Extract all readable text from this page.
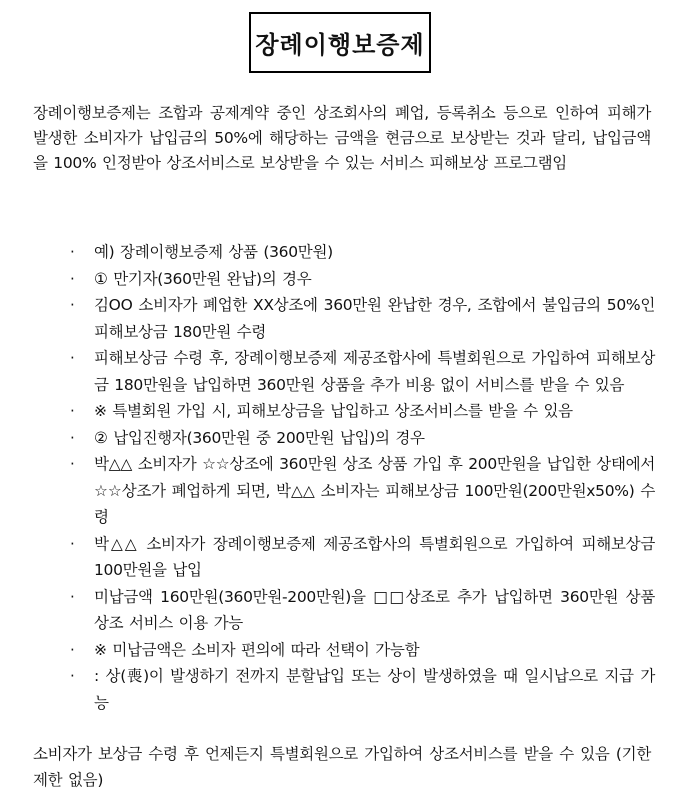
장례이행보증제
장례이행보증제는 조합과 공제계약 중인 상조회사의 폐업, 등록취소 등으로 인하여 피해가 발생한 소비자가 납입금의 50%에 해당하는 금액을 현금으로 보상받는 것과 달리, 납입금액을 100% 인정받아 상조서비스로 보상받을 수 있는 서비스 피해보상 프로그램임
·	예) 장례이행보증제 상품 (360만원)
·	① 만기자(360만원 완납)의 경우
·	김OO 소비자가 폐업한 XX상조에 360만원 완납한 경우, 조합에서 불입금의 50%인 피해보상금 180만원 수령
·	피해보상금 수령 후, 장례이행보증제 제공조합사에 특별회원으로 가입하여 피해보상금 180만원을 납입하면 360만원 상품을 추가 비용 없이 서비스를 받을 수 있음
·	※ 특별회원 가입 시, 피해보상금을 납입하고 상조서비스를 받을 수 있음
·	② 납입진행자(360만원 중 200만원 납입)의 경우
·	박△△ 소비자가 ☆☆상조에 360만원 상조 상품 가입 후 200만원을 납입한 상태에서 ☆☆상조가 폐업하게 되면, 박△△ 소비자는 피해보상금 100만원(200만원x50%) 수령
·	박△△ 소비자가 장례이행보증제 제공조합사의 특별회원으로 가입하여 피해보상금 100만원을 납입
·	미납금액 160만원(360만원-200만원)을 □□상조로 추가 납입하면 360만원 상품 상조 서비스 이용 가능
·	※ 미납금액은 소비자 편의에 따라 선택이 가능함
·	: 상(喪)이 발생하기 전까지 분할납입 또는 상이 발생하였을 때 일시납으로 지급 가능
소비자가 보상금 수령 후 언제든지 특별회원으로 가입하여 상조서비스를 받을 수 있음 (기한 제한 없음)
